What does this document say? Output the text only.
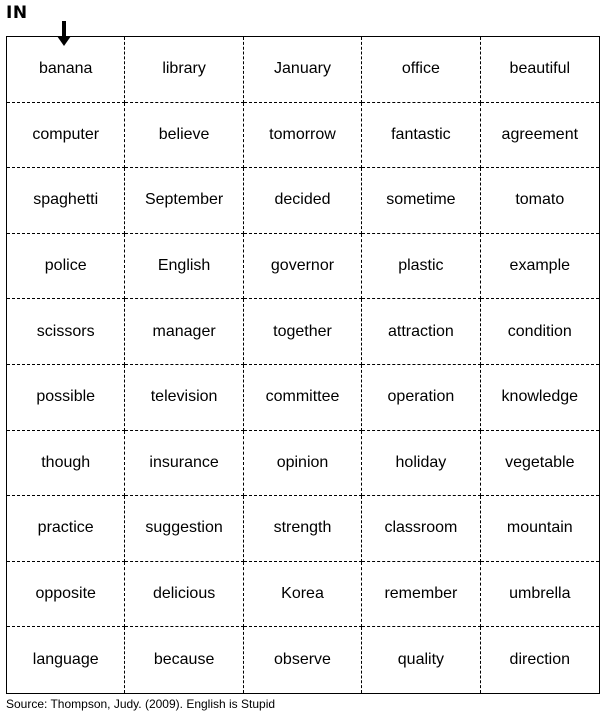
IN
banana	library	January	office	beautiful
computer	believe	tomorrow	fantastic	agreement
spaghetti	September	decided	sometime	tomato
police	English	governor	plastic	example
scissors	manager	together	attraction	condition
possible	television	committee	operation	knowledge
though	insurance	opinion	holiday	vegetable
practice	suggestion	strength	classroom	mountain
opposite	delicious	Korea	remember	umbrella
language	because	observe	quality	direction
Source: Thompson, Judy. (2009). English is Stupid
